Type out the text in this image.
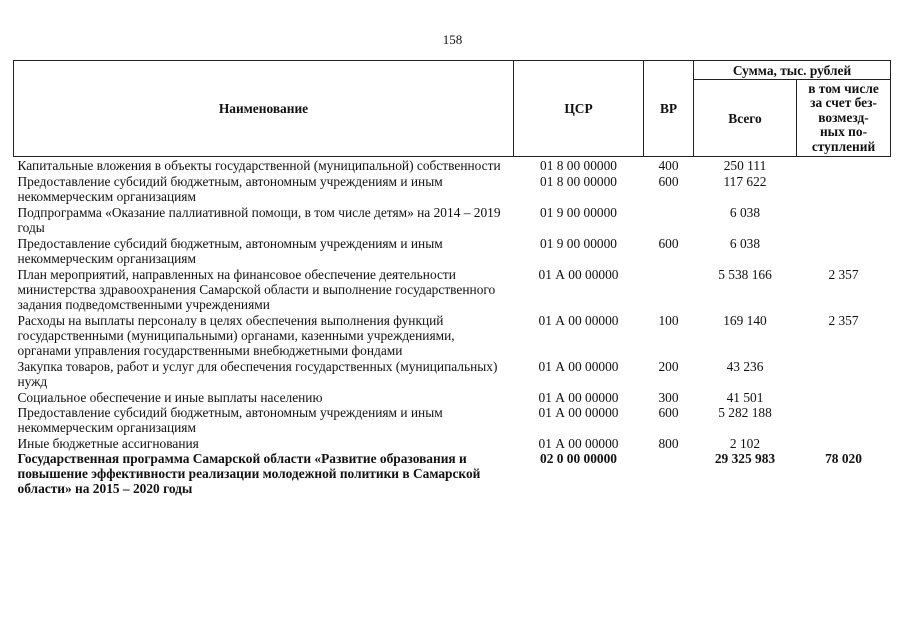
158
Наименование	ЦСР	ВР	Сумма, тыс. рублей	
			Всего	в том числе
за счет без-
возмезд-
ных по-
ступлений

Капитальные вложения в объекты государственной (муниципальной) собственности	01 8 00 00000	400	250 111	
Предоставление субсидий бюджетным, автономным учреждениям и иным некоммерческим организациям	01 8 00 00000	600	117 622	
Подпрограмма «Оказание паллиативной помощи, в том числе детям» на 2014 – 2019 годы	01 9 00 00000		6 038	
Предоставление субсидий бюджетным, автономным учреждениям и иным некоммерческим организациям	01 9 00 00000	600	6 038	
План мероприятий, направленных на финансовое обеспечение деятельности министерства здравоохранения Самарской области и выполнение государственного задания подведомственными учреждениями	01 А 00 00000		5 538 166	2 357
Расходы на выплаты персоналу в целях обеспечения выполнения функций государственными (муниципальными) органами, казенными учреждениями, органами управления государственными внебюджетными фондами	01 А 00 00000	100	169 140	2 357
Закупка товаров, работ и услуг для обеспечения государственных (муниципальных) нужд	01 А 00 00000	200	43 236	
Социальное обеспечение и иные выплаты населению	01 А 00 00000	300	41 501	
Предоставление субсидий бюджетным, автономным учреждениям и иным некоммерческим организациям	01 А 00 00000	600	5 282 188	
Иные бюджетные ассигнования	01 А 00 00000	800	2 102	
Государственная программа Самарской области «Развитие образования и повышение эффективности реализации молодежной политики в Самарской области» на 2015 – 2020 годы	02 0 00 00000		29 325 983	78 020
